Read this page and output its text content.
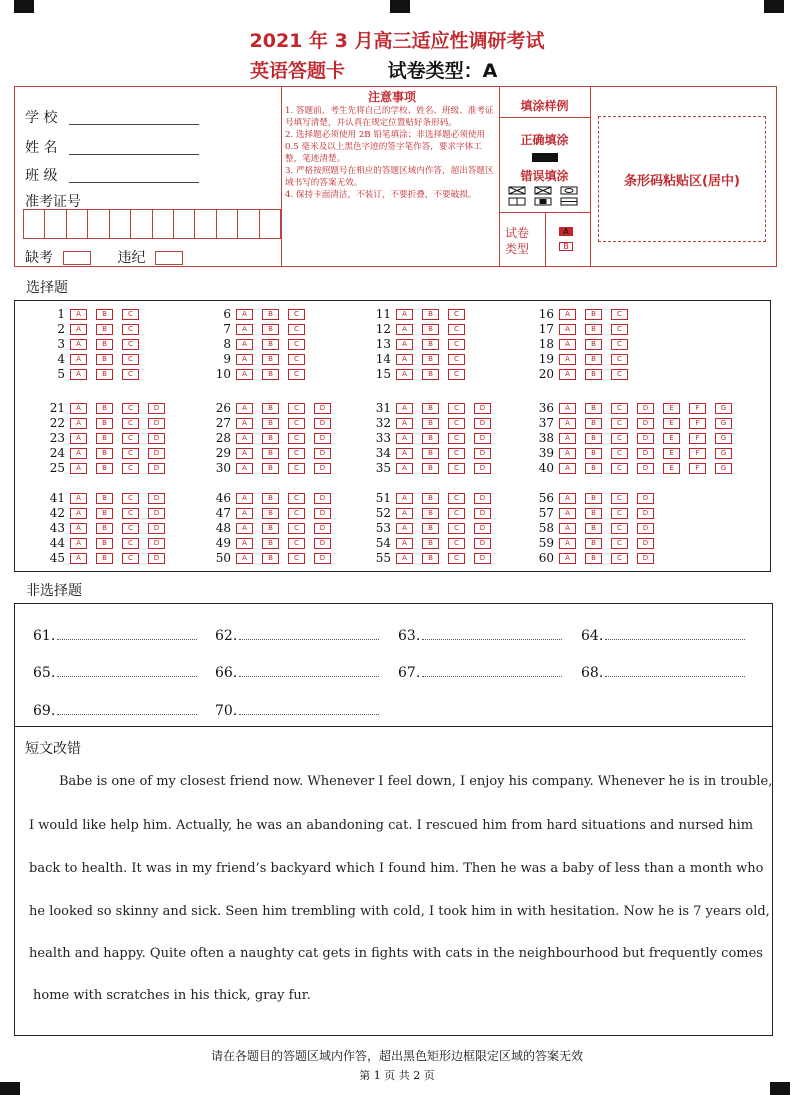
2021 年 3 月高三适应性调研考试
英语答题卡 试卷类型：A
学 校
姓 名
班 级
准考证号
缺考	违纪
注意事项

1. 答题前，考生先将自己的学校、姓名、班级、准考证号填写清楚，并认真在规定位置贴好条形码。

2. 选择题必须使用 2B 铅笔填涂；非选择题必须使用 0.5 毫米及以上黑色字迹的签字笔作答，要求字体工整，笔迹清楚。

3. 严格按照题号在相应的答题区域内作答，超出答题区域书写的答案无效。

4. 保持卡面清洁，不装订，不要折叠，不要破损。

填涂样例
正确填涂
错误填涂
试卷
类型
A
B
条形码粘贴区(居中)
选择题
1 A	B	C
2 A	B	C
3 A	B	C
4 A	B	C
5 A	B	C
6 A	B	C
7 A	B	C
8 A	B	C
9 A	B	C
10 A	B	C
11 A	B	C
12 A	B	C
13 A	B	C
14 A	B	C
15 A	B	C
16 A	B	C
17 A	B	C
18 A	B	C
19 A	B	C
20 A	B	C
21 A	B	C	D
22 A	B	C	D
23 A	B	C	D
24 A	B	C	D
25 A	B	C	D
26 A	B	C	D
27 A	B	C	D
28 A	B	C	D
29 A	B	C	D
30 A	B	C	D
31 A	B	C	D
32 A	B	C	D
33 A	B	C	D
34 A	B	C	D
35 A	B	C	D
36 A	B	C	D	E	F	G
37 A	B	C	D	E	F	G
38 A	B	C	D	E	F	G
39 A	B	C	D	E	F	G
40 A	B	C	D	E	F	G
41 A	B	C	D
42 A	B	C	D
43 A	B	C	D
44 A	B	C	D
45 A	B	C	D
46 A	B	C	D
47 A	B	C	D
48 A	B	C	D
49 A	B	C	D
50 A	B	C	D
51 A	B	C	D
52 A	B	C	D
53 A	B	C	D
54 A	B	C	D
55 A	B	C	D
56 A	B	C	D
57 A	B	C	D
58 A	B	C	D
59 A	B	C	D
60 A	B	C	D
非选择题
61.	62.	63.	64.
65.	66.	67.	68.
69.	70.
短文改错
Babe is one of my closest friend now. Whenever I feel down, I enjoy his company. Whenever he is in trouble,
I would like help him. Actually, he was an abandoning cat. I rescued him from hard situations and nursed him
back to health. It was in my friend’s backyard which I found him. Then he was a baby of less than a month who
he looked so skinny and sick. Seen him trembling with cold, I took him in with hesitation. Now he is 7 years old,
health and happy. Quite often a naughty cat gets in fights with cats in the neighbourhood but frequently comes
home with scratches in his thick, gray fur.
请在各题目的答题区域内作答，超出黑色矩形边框限定区域的答案无效
第 1 页 共 2 页
